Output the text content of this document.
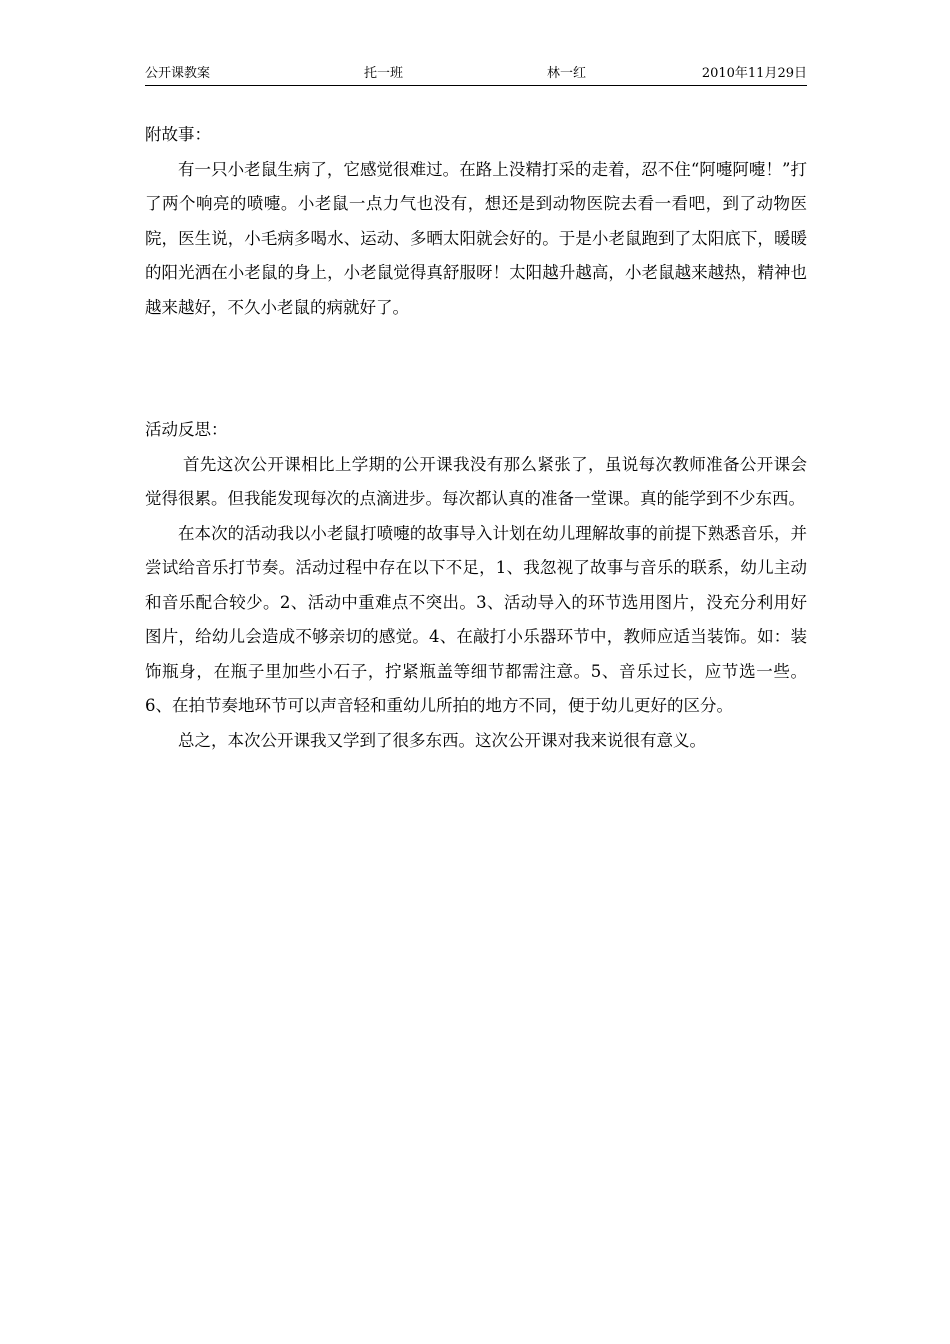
公开课教案	托一班	林一红	2010年11月29日

附故事：

有一只小老鼠生病了，它感觉很难过。在路上没精打采的走着，忍不住“阿嚏阿嚏！”打了两个响亮的喷嚏。小老鼠一点力气也没有，想还是到动物医院去看一看吧，到了动物医院，医生说，小毛病多喝水、运动、多晒太阳就会好的。于是小老鼠跑到了太阳底下，暖暖的阳光洒在小老鼠的身上，小老鼠觉得真舒服呀！太阳越升越高，小老鼠越来越热，精神也越来越好，不久小老鼠的病就好了。

活动反思：

首先这次公开课相比上学期的公开课我没有那么紧张了，虽说每次教师准备公开课会觉得很累。但我能发现每次的点滴进步。每次都认真的准备一堂课。真的能学到不少东西。

在本次的活动我以小老鼠打喷嚏的故事导入计划在幼儿理解故事的前提下熟悉音乐，并尝试给音乐打节奏。活动过程中存在以下不足，1、我忽视了故事与音乐的联系，幼儿主动和音乐配合较少。2、活动中重难点不突出。3、活动导入的环节选用图片，没充分利用好图片，给幼儿会造成不够亲切的感觉。4、在敲打小乐器环节中，教师应适当装饰。如：装饰瓶身，在瓶子里加些小石子，拧紧瓶盖等细节都需注意。5、音乐过长，应节选一些。6、在拍节奏地环节可以声音轻和重幼儿所拍的地方不同，便于幼儿更好的区分。

总之，本次公开课我又学到了很多东西。这次公开课对我来说很有意义。
